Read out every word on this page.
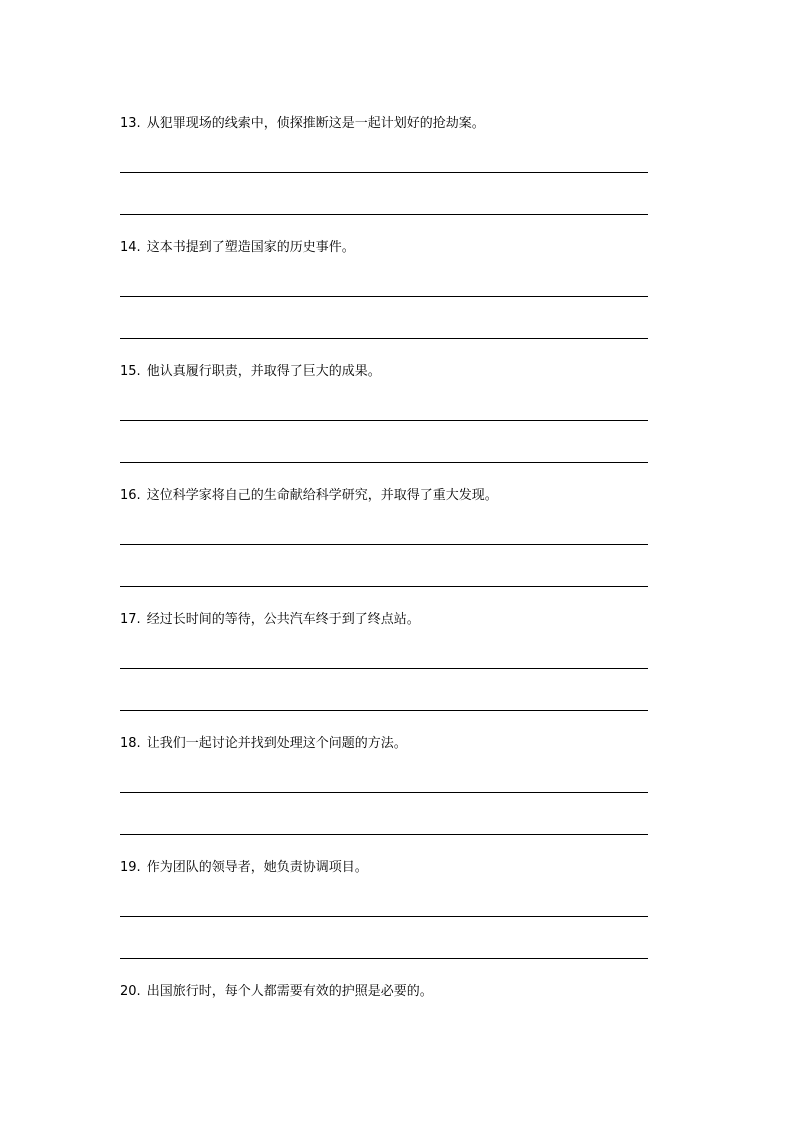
13. 从犯罪现场的线索中，侦探推断这是一起计划好的抢劫案。
14. 这本书提到了塑造国家的历史事件。
15. 他认真履行职责，并取得了巨大的成果。
16. 这位科学家将自己的生命献给科学研究，并取得了重大发现。
17. 经过长时间的等待，公共汽车终于到了终点站。
18. 让我们一起讨论并找到处理这个问题的方法。
19. 作为团队的领导者，她负责协调项目。
20. 出国旅行时，每个人都需要有效的护照是必要的。
